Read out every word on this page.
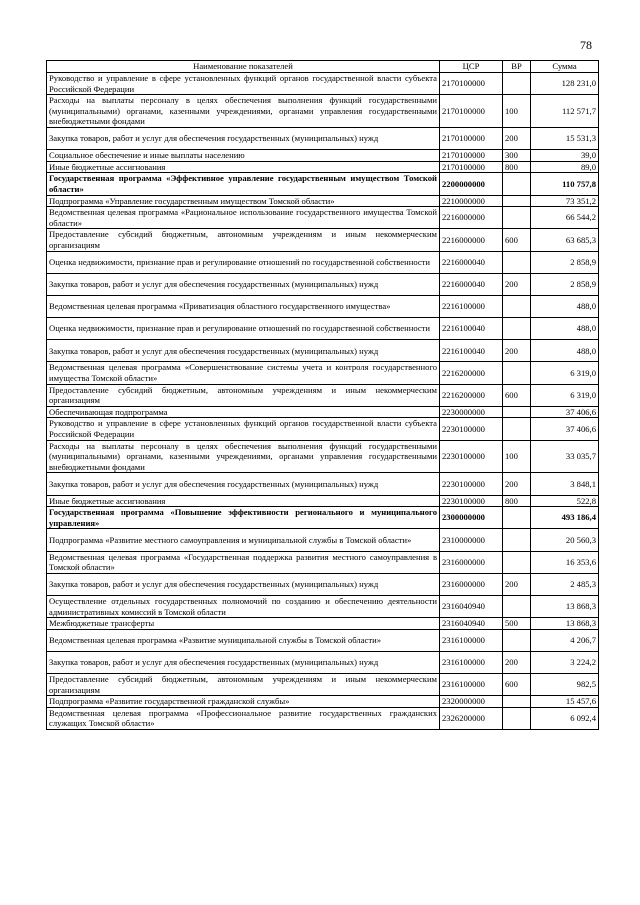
78
Наименование показателей	ЦСР	ВР	Сумма
Руководство и управление в сфере установленных функций органов государственной власти субъекта Российской Федерации	2170100000		128 231,0
Расходы на выплаты персоналу в целях обеспечения выполнения функций государственными (муниципальными) органами, казенными учреждениями, органами управления государственными внебюджетными фондами	2170100000	100	112 571,7
Закупка товаров, работ и услуг для обеспечения государственных (муниципальных) нужд	2170100000	200	15 531,3
Социальное обеспечение и иные выплаты населению	2170100000	300	39,0
Иные бюджетные ассигнования	2170100000	800	89,0
Государственная программа «Эффективное управление государственным имуществом Томской области»	2200000000		110 757,8
Подпрограмма «Управление государственным имуществом Томской области»	2210000000		73 351,2
Ведомственная целевая программа «Рациональное использование государственного имущества Томской области»	2216000000		66 544,2
Предоставление субсидий бюджетным, автономным учреждениям и иным некоммерческим организациям	2216000000	600	63 685,3
Оценка недвижимости, признание прав и регулирование отношений по государственной собственности	2216000040		2 858,9
Закупка товаров, работ и услуг для обеспечения государственных (муниципальных) нужд	2216000040	200	2 858,9
Ведомственная целевая программа «Приватизация областного государственного имущества»	2216100000		488,0
Оценка недвижимости, признание прав и регулирование отношений по государственной собственности	2216100040		488,0
Закупка товаров, работ и услуг для обеспечения государственных (муниципальных) нужд	2216100040	200	488,0
Ведомственная целевая программа «Совершенствование системы учета и контроля государственного имущества Томской области»	2216200000		6 319,0
Предоставление субсидий бюджетным, автономным учреждениям и иным некоммерческим организациям	2216200000	600	6 319,0
Обеспечивающая подпрограмма	2230000000		37 406,6
Руководство и управление в сфере установленных функций органов государственной власти субъекта Российской Федерации	2230100000		37 406,6
Расходы на выплаты персоналу в целях обеспечения выполнения функций государственными (муниципальными) органами, казенными учреждениями, органами управления государственными внебюджетными фондами	2230100000	100	33 035,7
Закупка товаров, работ и услуг для обеспечения государственных (муниципальных) нужд	2230100000	200	3 848,1
Иные бюджетные ассигнования	2230100000	800	522,8
Государственная программа «Повышение эффективности регионального и муниципального управления»	2300000000		493 186,4
Подпрограмма «Развитие местного самоуправления и муниципальной службы в Томской области»	2310000000		20 560,3
Ведомственная целевая программа «Государственная поддержка развития местного самоуправления в Томской области»	2316000000		16 353,6
Закупка товаров, работ и услуг для обеспечения государственных (муниципальных) нужд	2316000000	200	2 485,3
Осуществление отдельных государственных полномочий по созданию и обеспечению деятельности административных комиссий в Томской области	2316040940		13 868,3
Межбюджетные трансферты	2316040940	500	13 868,3
Ведомственная целевая программа «Развитие муниципальной службы в Томской области»	2316100000		4 206,7
Закупка товаров, работ и услуг для обеспечения государственных (муниципальных) нужд	2316100000	200	3 224,2
Предоставление субсидий бюджетным, автономным учреждениям и иным некоммерческим организациям	2316100000	600	982,5
Подпрограмма «Развитие государственной гражданской службы»	2320000000		15 457,6
Ведомственная целевая программа «Профессиональное развитие государственных гражданских служащих Томской области»	2326200000		6 092,4
